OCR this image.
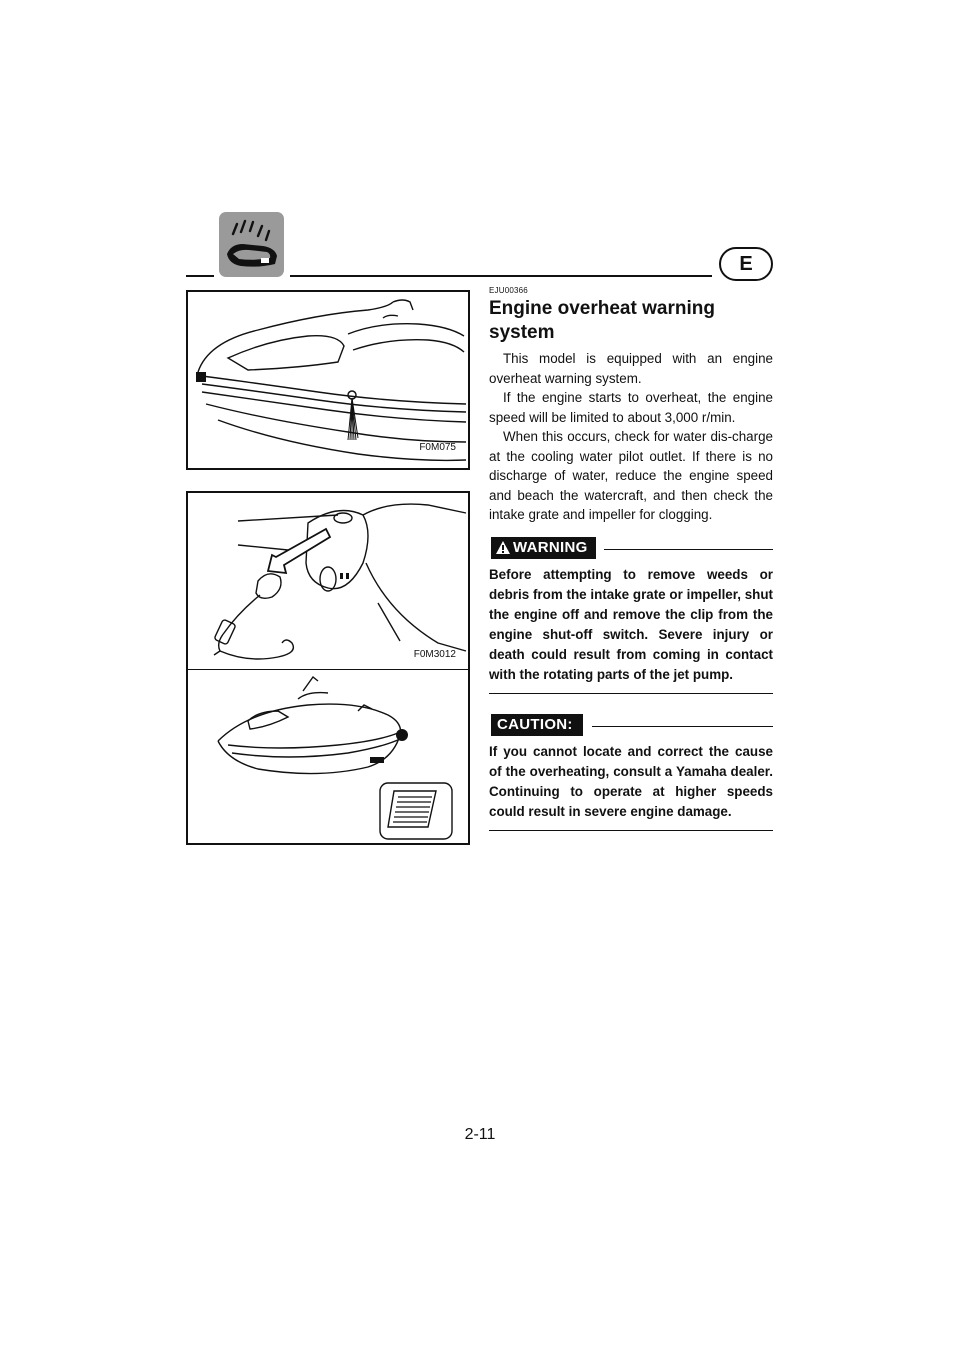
E
F0M075
F0M3012
EJU00366
Engine overheat warning system

This model is equipped with an engine overheat warning system.

If the engine starts to overheat, the engine speed will be limited to about 3,000 r/min.

When this occurs, check for water dis-charge at the cooling water pilot outlet. If there is no discharge of water, reduce the engine speed and beach the watercraft, and then check the intake grate and impeller for clogging.

WARNING

Before attempting to remove weeds or debris from the intake grate or impeller, shut the engine off and remove the clip from the engine shut-off switch. Severe injury or death could result from coming in contact with the rotating parts of the jet pump.

CAUTION:

If you cannot locate and correct the cause of the overheating, consult a Yamaha dealer. Continuing to operate at higher speeds could result in severe engine damage.

2-11
